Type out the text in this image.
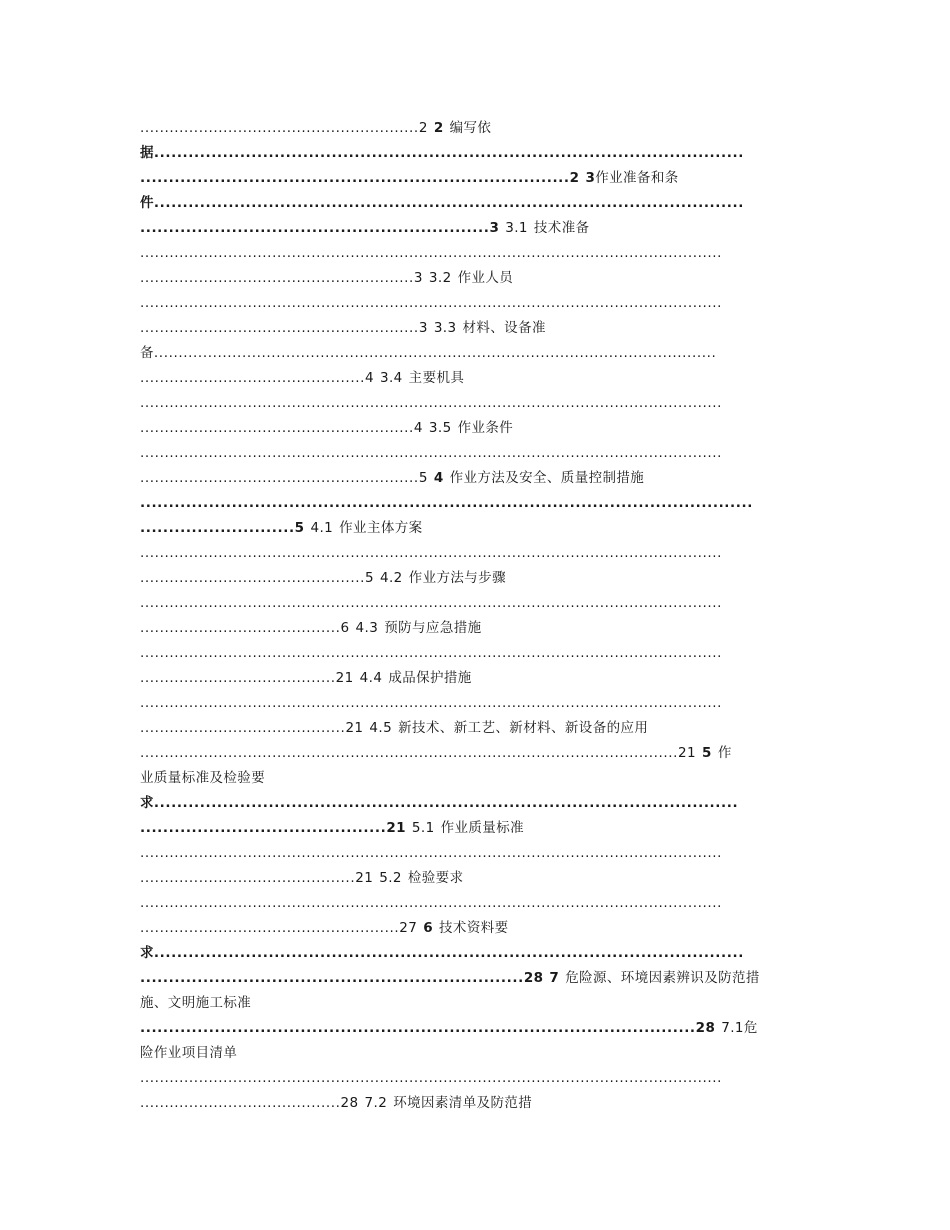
.........................................................2 2 编写依
据.......................................................................................................
...........................................................................2 3作业准备和条
件.......................................................................................................
.............................................................3 3.1 技术准备
.......................................................................................................................
........................................................3 3.2 作业人员
.......................................................................................................................
.........................................................3 3.3 材料、设备准
备...................................................................................................................
..............................................4 3.4 主要机具
.......................................................................................................................
........................................................4 3.5 作业条件
.......................................................................................................................
.........................................................5 4 作业方法及安全、质量控制措施
...........................................................................................................
...........................5 4.1 作业主体方案
.......................................................................................................................
..............................................5 4.2 作业方法与步骤
.......................................................................................................................
.........................................6 4.3 预防与应急措施
.......................................................................................................................
........................................21 4.4 成品保护措施
.......................................................................................................................
..........................................21 4.5 新技术、新工艺、新材料、新设备的应用
..............................................................................................................21 5 作
业质量标准及检验要
求......................................................................................................
...........................................21 5.1 作业质量标准
.......................................................................................................................
............................................21 5.2 检验要求
.......................................................................................................................
.....................................................27 6 技术资料要
求.......................................................................................................
...................................................................28 7 危险源、环境因素辨识及防范措
施、文明施工标准
.................................................................................................28 7.1危
险作业项目清单
.......................................................................................................................
.........................................28 7.2 环境因素清单及防范措
